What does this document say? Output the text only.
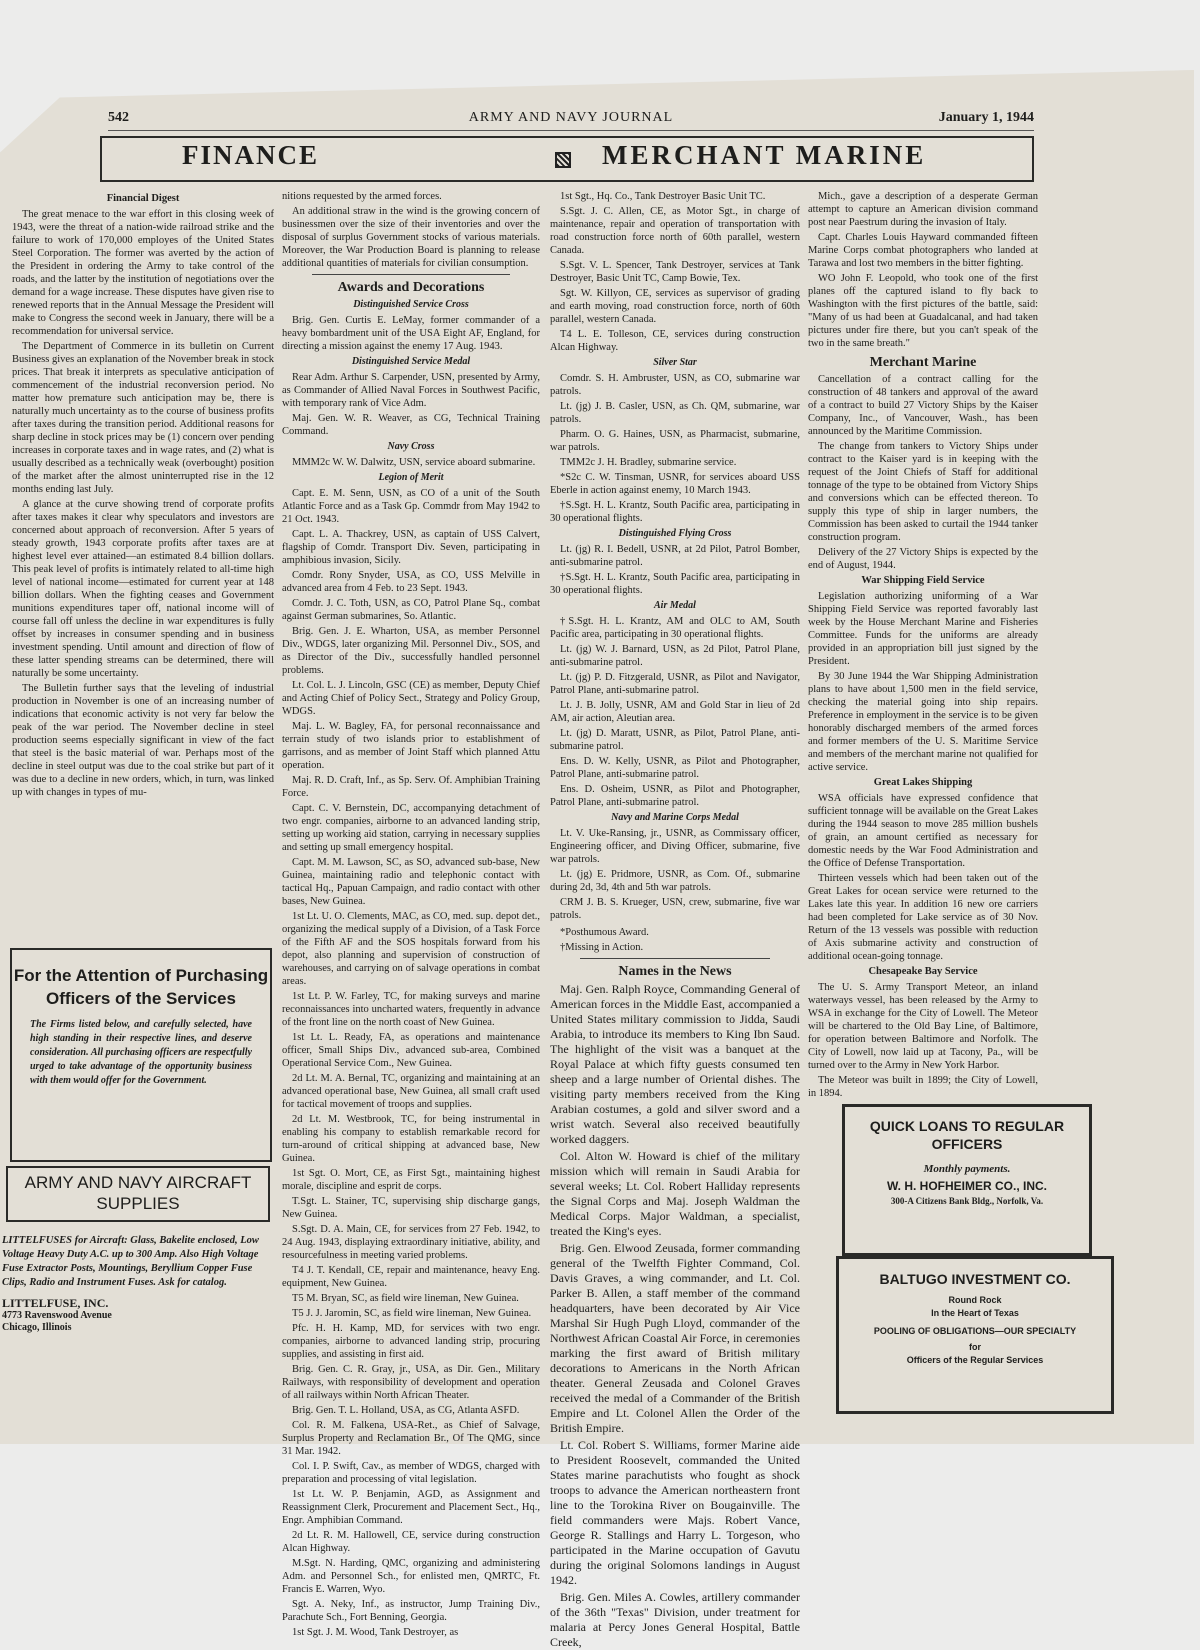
542	ARMY AND NAVY JOURNAL	January 1, 1944
FINANCE	MERCHANT MARINE
Financial Digest

The great menace to the war effort in this closing week of 1943, were the threat of a nation-wide railroad strike and the failure to work of 170,000 employes of the United States Steel Corporation. The former was averted by the action of the President in ordering the Army to take control of the roads, and the latter by the institution of negotiations over the demand for a wage increase. These disputes have given rise to renewed reports that in the Annual Message the President will make to Congress the second week in January, there will be a recommendation for universal service.

The Department of Commerce in its bulletin on Current Business gives an explanation of the November break in stock prices. That break it interprets as speculative anticipation of commencement of the industrial reconversion period. No matter how premature such anticipation may be, there is naturally much uncertainty as to the course of business profits after taxes during the transition period. Additional reasons for sharp decline in stock prices may be (1) concern over pending increases in corporate taxes and in wage rates, and (2) what is usually described as a technically weak (overbought) position of the market after the almost uninterrupted rise in the 12 months ending last July.

A glance at the curve showing trend of corporate profits after taxes makes it clear why speculators and investors are concerned about approach of reconversion. After 5 years of steady growth, 1943 corporate profits after taxes are at highest level ever attained—an estimated 8.4 billion dollars. This peak level of profits is intimately related to all-time high level of national income—estimated for current year at 148 billion dollars. When the fighting ceases and Government munitions expenditures taper off, national income will of course fall off unless the decline in war expenditures is fully offset by increases in consumer spending and in business investment spending. Until amount and direction of flow of these latter spending streams can be determined, there will naturally be some uncertainty.

The Bulletin further says that the leveling of industrial production in November is one of an increasing number of indications that economic activity is not very far below the peak of the war period. The November decline in steel production seems especially significant in view of the fact that steel is the basic material of war. Perhaps most of the decline in steel output was due to the coal strike but part of it was due to a decline in new orders, which, in turn, was linked up with changes in types of mu-

nitions requested by the armed forces.

An additional straw in the wind is the growing concern of businessmen over the size of their inventories and over the disposal of surplus Government stocks of various materials. Moreover, the War Production Board is planning to release additional quantities of materials for civilian consumption.

Awards and Decorations
Distinguished Service Cross

Brig. Gen. Curtis E. LeMay, former commander of a heavy bombardment unit of the USA Eight AF, England, for directing a mission against the enemy 17 Aug. 1943.

Distinguished Service Medal

Rear Adm. Arthur S. Carpender, USN, presented by Army, as Commander of Allied Naval Forces in Southwest Pacific, with temporary rank of Vice Adm.

Maj. Gen. W. R. Weaver, as CG, Technical Training Command.

Navy Cross

MMM2c W. W. Dalwitz, USN, service aboard submarine.

Legion of Merit

Capt. E. M. Senn, USN, as CO of a unit of the South Atlantic Force and as a Task Gp. Commdr from May 1942 to 21 Oct. 1943.

Capt. L. A. Thackrey, USN, as captain of USS Calvert, flagship of Comdr. Transport Div. Seven, participating in amphibious invasion, Sicily.

Comdr. Rony Snyder, USA, as CO, USS Melville in advanced area from 4 Feb. to 23 Sept. 1943.

Comdr. J. C. Toth, USN, as CO, Patrol Plane Sq., combat against German submarines, So. Atlantic.

Brig. Gen. J. E. Wharton, USA, as member Personnel Div., WDGS, later organizing Mil. Personnel Div., SOS, and as Director of the Div., successfully handled personnel problems.

Lt. Col. L. J. Lincoln, GSC (CE) as member, Deputy Chief and Acting Chief of Policy Sect., Strategy and Policy Group, WDGS.

Maj. L. W. Bagley, FA, for personal reconnaissance and terrain study of two islands prior to establishment of garrisons, and as member of Joint Staff which planned Attu operation.

Maj. R. D. Craft, Inf., as Sp. Serv. Of. Amphibian Training Force.

Capt. C. V. Bernstein, DC, accompanying detachment of two engr. companies, airborne to an advanced landing strip, setting up working aid station, carrying in necessary supplies and setting up small emergency hospital.

Capt. M. M. Lawson, SC, as SO, advanced sub-base, New Guinea, maintaining radio and telephonic contact with tactical Hq., Papuan Campaign, and radio contact with other bases, New Guinea.

1st Lt. U. O. Clements, MAC, as CO, med. sup. depot det., organizing the medical supply of a Division, of a Task Force of the Fifth AF and the SOS hospitals forward from his depot, also planning and supervision of construction of warehouses, and carrying on of salvage operations in combat areas.

1st Lt. P. W. Farley, TC, for making surveys and marine reconnaissances into uncharted waters, frequently in advance of the front line on the north coast of New Guinea.

1st Lt. L. Ready, FA, as operations and maintenance officer, Small Ships Div., advanced sub-area, Combined Operational Service Com., New Guinea.

2d Lt. M. A. Bernal, TC, organizing and maintaining at an advanced operational base, New Guinea, all small craft used for tactical movement of troops and supplies.

2d Lt. M. Westbrook, TC, for being instrumental in enabling his company to establish remarkable record for turn-around of critical shipping at advanced base, New Guinea.

1st Sgt. O. Mort, CE, as First Sgt., maintaining highest morale, discipline and esprit de corps.

T.Sgt. L. Stainer, TC, supervising ship discharge gangs, New Guinea.

S.Sgt. D. A. Main, CE, for services from 27 Feb. 1942, to 24 Aug. 1943, displaying extraordinary initiative, ability, and resourcefulness in meeting varied problems.

T4 J. T. Kendall, CE, repair and maintenance, heavy Eng. equipment, New Guinea.

T5 M. Bryan, SC, as field wire lineman, New Guinea.

T5 J. J. Jaromin, SC, as field wire lineman, New Guinea.

Pfc. H. H. Kamp, MD, for services with two engr. companies, airborne to advanced landing strip, procuring supplies, and assisting in first aid.

Brig. Gen. C. R. Gray, jr., USA, as Dir. Gen., Military Railways, with responsibility of development and operation of all railways within North African Theater.

Brig. Gen. T. L. Holland, USA, as CG, Atlanta ASFD.

Col. R. M. Falkena, USA-Ret., as Chief of Salvage, Surplus Property and Reclamation Br., Of The QMG, since 31 Mar. 1942.

Col. I. P. Swift, Cav., as member of WDGS, charged with preparation and processing of vital legislation.

1st Lt. W. P. Benjamin, AGD, as Assignment and Reassignment Clerk, Procurement and Placement Sect., Hq., Engr. Amphibian Command.

2d Lt. R. M. Hallowell, CE, service during construction Alcan Highway.

M.Sgt. N. Harding, QMC, organizing and administering Adm. and Personnel Sch., for enlisted men, QMRTC, Ft. Francis E. Warren, Wyo.

Sgt. A. Neky, Inf., as instructor, Jump Training Div., Parachute Sch., Fort Benning, Georgia.

1st Sgt. J. M. Wood, Tank Destroyer, as

1st Sgt., Hq. Co., Tank Destroyer Basic Unit TC.

S.Sgt. J. C. Allen, CE, as Motor Sgt., in charge of maintenance, repair and operation of transportation with road construction force north of 60th parallel, western Canada.

S.Sgt. V. L. Spencer, Tank Destroyer, services at Tank Destroyer, Basic Unit TC, Camp Bowie, Tex.

Sgt. W. Killyon, CE, services as supervisor of grading and earth moving, road construction force, north of 60th parallel, western Canada.

T4 L. E. Tolleson, CE, services during construction Alcan Highway.

Silver Star

Comdr. S. H. Ambruster, USN, as CO, submarine war patrols.

Lt. (jg) J. B. Casler, USN, as Ch. QM, submarine, war patrols.

Pharm. O. G. Haines, USN, as Pharmacist, submarine, war patrols.

TMM2c J. H. Bradley, submarine service.

*S2c C. W. Tinsman, USNR, for services aboard USS Eberle in action against enemy, 10 March 1943.

†S.Sgt. H. L. Krantz, South Pacific area, participating in 30 operational flights.

Distinguished Flying Cross

Lt. (jg) R. I. Bedell, USNR, at 2d Pilot, Patrol Bomber, anti-submarine patrol.

†S.Sgt. H. L. Krantz, South Pacific area, participating in 30 operational flights.

Air Medal

†S.Sgt. H. L. Krantz, AM and OLC to AM, South Pacific area, participating in 30 operational flights.

Lt. (jg) W. J. Barnard, USN, as 2d Pilot, Patrol Plane, anti-submarine patrol.

Lt. (jg) P. D. Fitzgerald, USNR, as Pilot and Navigator, Patrol Plane, anti-submarine patrol.

Lt. J. B. Jolly, USNR, AM and Gold Star in lieu of 2d AM, air action, Aleutian area.

Lt. (jg) D. Maratt, USNR, as Pilot, Patrol Plane, anti-submarine patrol.

Ens. D. W. Kelly, USNR, as Pilot and Photographer, Patrol Plane, anti-submarine patrol.

Ens. D. Osheim, USNR, as Pilot and Photographer, Patrol Plane, anti-submarine patrol.

Navy and Marine Corps Medal

Lt. V. Uke-Ransing, jr., USNR, as Commissary officer, Engineering officer, and Diving Officer, submarine, five war patrols.

Lt. (jg) E. Pridmore, USNR, as Com. Of., submarine during 2d, 3d, 4th and 5th war patrols.

CRM J. B. S. Krueger, USN, crew, submarine, five war patrols.

*Posthumous Award.

†Missing in Action.

Names in the News

Maj. Gen. Ralph Royce, Commanding General of American forces in the Middle East, accompanied a United States military commission to Jidda, Saudi Arabia, to introduce its members to King Ibn Saud. The highlight of the visit was a banquet at the Royal Palace at which fifty guests consumed ten sheep and a large number of Oriental dishes. The visiting party members received from the King Arabian costumes, a gold and silver sword and a wrist watch. Several also received beautifully worked daggers.

Col. Alton W. Howard is chief of the military mission which will remain in Saudi Arabia for several weeks; Lt. Col. Robert Halliday represents the Signal Corps and Maj. Joseph Waldman the Medical Corps. Major Waldman, a specialist, treated the King's eyes.

Brig. Gen. Elwood Zeusada, former commanding general of the Twelfth Fighter Command, Col. Davis Graves, a wing commander, and Lt. Col. Parker B. Allen, a staff member of the command headquarters, have been decorated by Air Vice Marshal Sir Hugh Pugh Lloyd, commander of the Northwest African Coastal Air Force, in ceremonies marking the first award of British military decorations to Americans in the North African theater. General Zeusada and Colonel Graves received the medal of a Commander of the British Empire and Lt. Colonel Allen the Order of the British Empire.

Lt. Col. Robert S. Williams, former Marine aide to President Roosevelt, commanded the United States marine parachutists who fought as shock troops to advance the American northeastern front line to the Torokina River on Bougainville. The field commanders were Majs. Robert Vance, George R. Stallings and Harry L. Torgeson, who participated in the Marine occupation of Gavutu during the original Solomons landings in August 1942.

Brig. Gen. Miles A. Cowles, artillery commander of the 36th "Texas" Division, under treatment for malaria at Percy Jones General Hospital, Battle Creek,

Mich., gave a description of a desperate German attempt to capture an American division command post near Paestrum during the invasion of Italy.

Capt. Charles Louis Hayward commanded fifteen Marine Corps combat photographers who landed at Tarawa and lost two members in the bitter fighting.

WO John F. Leopold, who took one of the first planes off the captured island to fly back to Washington with the first pictures of the battle, said: "Many of us had been at Guadalcanal, and had taken pictures under fire there, but you can't speak of the two in the same breath."

Merchant Marine

Cancellation of a contract calling for the construction of 48 tankers and approval of the award of a contract to build 27 Victory Ships by the Kaiser Company, Inc., of Vancouver, Wash., has been announced by the Maritime Commission.

The change from tankers to Victory Ships under contract to the Kaiser yard is in keeping with the request of the Joint Chiefs of Staff for additional tonnage of the type to be obtained from Victory Ships and conversions which can be effected thereon. To supply this type of ship in larger numbers, the Commission has been asked to curtail the 1944 tanker construction program.

Delivery of the 27 Victory Ships is expected by the end of August, 1944.

War Shipping Field Service

Legislation authorizing uniforming of a War Shipping Field Service was reported favorably last week by the House Merchant Marine and Fisheries Committee. Funds for the uniforms are already provided in an appropriation bill just signed by the President.

By 30 June 1944 the War Shipping Administration plans to have about 1,500 men in the field service, checking the material going into ship repairs. Preference in employment in the service is to be given honorably discharged members of the armed forces and former members of the U. S. Maritime Service and members of the merchant marine not qualified for active service.

Great Lakes Shipping

WSA officials have expressed confidence that sufficient tonnage will be available on the Great Lakes during the 1944 season to move 285 million bushels of grain, an amount certified as necessary for domestic needs by the War Food Administration and the Office of Defense Transportation.

Thirteen vessels which had been taken out of the Great Lakes for ocean service were returned to the Lakes late this year. In addition 16 new ore carriers had been completed for Lake service as of 30 Nov. Return of the 13 vessels was possible with reduction of Axis submarine activity and construction of additional ocean-going tonnage.

Chesapeake Bay Service

The U. S. Army Transport Meteor, an inland waterways vessel, has been released by the Army to WSA in exchange for the City of Lowell. The Meteor will be chartered to the Old Bay Line, of Baltimore, for operation between Baltimore and Norfolk. The City of Lowell, now laid up at Tacony, Pa., will be turned over to the Army in New York Harbor.

The Meteor was built in 1899; the City of Lowell, in 1894.

For the Attention of Purchasing Officers of the Services
The Firms listed below, and carefully selected, have high standing in their respective lines, and deserve consideration. All purchasing officers are respectfully urged to take advantage of the opportunity business with them would offer for the Government.
ARMY AND NAVY AIRCRAFT SUPPLIES
LITTELFUSES for Aircraft: Glass, Bakelite enclosed, Low Voltage Heavy Duty A.C. up to 300 Amp. Also High Voltage Fuse Extractor Posts, Mountings, Beryllium Copper Fuse Clips, Radio and Instrument Fuses. Ask for catalog.
LITTELFUSE, INC.
4773 Ravenswood Avenue
Chicago, Illinois
QUICK LOANS TO REGULAR OFFICERS
Monthly payments.
W. H. HOFHEIMER CO., INC.
300-A Citizens Bank Bldg., Norfolk, Va.
BALTUGO INVESTMENT CO.
Round Rock
In the Heart of Texas
POOLING OF OBLIGATIONS—OUR SPECIALTY
for
Officers of the Regular Services
